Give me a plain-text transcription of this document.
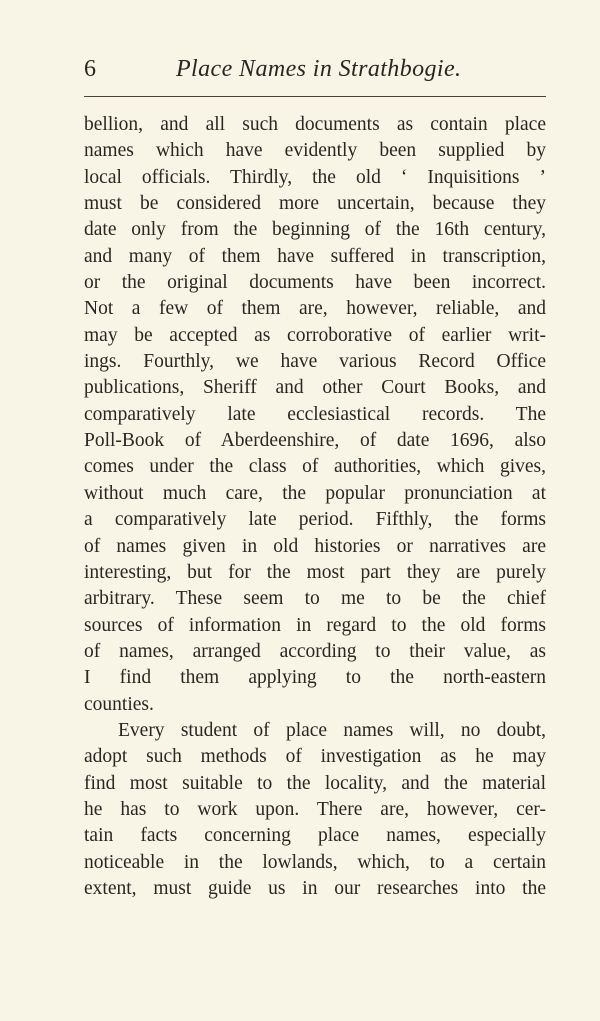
6	Place Names in Strathbogie.
bellion, and all such documents as contain place
names which have evidently been supplied by
local officials. Thirdly, the old ‘ Inquisitions ’
must be considered more uncertain, because they
date only from the beginning of the 16th century,
and many of them have suffered in transcription,
or the original documents have been incorrect.
Not a few of them are, however, reliable, and
may be accepted as corroborative of earlier writ-
ings. Fourthly, we have various Record Office
publications, Sheriff and other Court Books, and
comparatively late ecclesiastical records. The
Poll-Book of Aberdeenshire, of date 1696, also
comes under the class of authorities, which gives,
without much care, the popular pronunciation at
a comparatively late period. Fifthly, the forms
of names given in old histories or narratives are
interesting, but for the most part they are purely
arbitrary. These seem to me to be the chief
sources of information in regard to the old forms
of names, arranged according to their value, as
I find them applying to the north-eastern
counties.
Every student of place names will, no doubt,
adopt such methods of investigation as he may
find most suitable to the locality, and the material
he has to work upon. There are, however, cer-
tain facts concerning place names, especially
noticeable in the lowlands, which, to a certain
extent, must guide us in our researches into the
